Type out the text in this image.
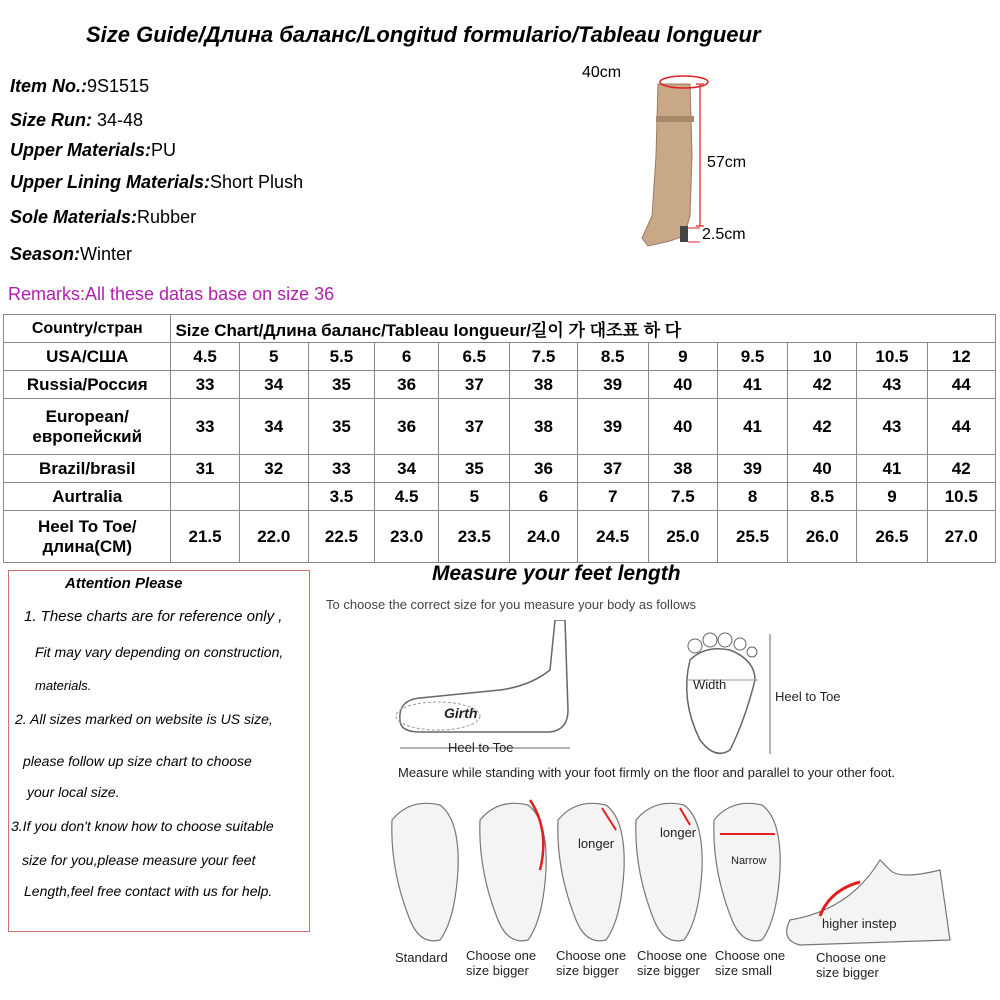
Size Guide/Длина баланс/Longitud formulario/Tableau longueur
Item No.:9S1515
Size Run: 34-48
Upper Materials:PU
Upper Lining Materials:Short Plush
Sole Materials:Rubber
Season:Winter
Remarks:All these datas base on size 36
40cm
57cm
2.5cm
Country/стран	Size Chart/Длина баланс/Tableau longueur/길이 가 대조표 하 다											
USA/США	4.5	5	5.5	6	6.5	7.5	8.5	9	9.5	10	10.5	12
Russia/Россия	33	34	35	36	37	38	39	40	41	42	43	44
European/европейский	33	34	35	36	37	38	39	40	41	42	43	44
Brazil/brasil	31	32	33	34	35	36	37	38	39	40	41	42
Aurtralia			3.5	4.5	5	6	7	7.5	8	8.5	9	10.5
Heel To Toe/длина(CM)	21.5	22.0	22.5	23.0	23.5	24.0	24.5	25.0	25.5	26.0	26.5	27.0
Attention Please
1. These charts are for reference only ,
Fit may vary depending on construction,
materials.
2. All sizes marked on website is US size,
please follow up size chart to choose
your local size.
3.If you don't know how to choose suitable
size for you,please measure your feet
Length,feel free contact with us for help.
Measure your feet length
To choose the correct size for you measure your body as follows
Girth
Heel to Toe
Width
Heel to Toe
Measure while standing with your foot firmly on the floor and parallel to your other foot.
longer
longer
Narrow
higher instep
Standard Choose one size bigger
Choose one size bigger
Choose one size bigger
Choose one size small
Choose one size bigger
